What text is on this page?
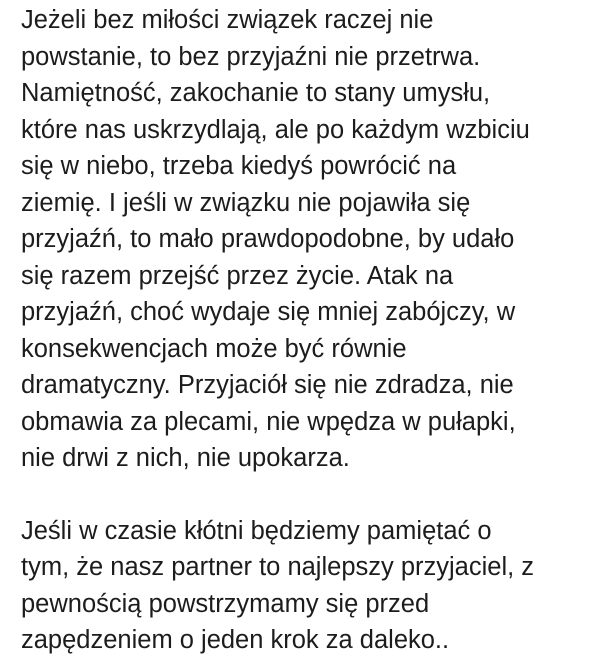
Jeżeli bez miłości związek raczej nie
powstanie, to bez przyjaźni nie przetrwa.
Namiętność, zakochanie to stany umysłu,
które nas uskrzydlają, ale po każdym wzbiciu
się w niebo, trzeba kiedyś powrócić na
ziemię. I jeśli w związku nie pojawiła się
przyjaźń, to mało prawdopodobne, by udało
się razem przejść przez życie. Atak na
przyjaźń, choć wydaje się mniej zabójczy, w
konsekwencjach może być równie
dramatyczny. Przyjaciół się nie zdradza, nie
obmawia za plecami, nie wpędza w pułapki,
nie drwi z nich, nie upokarza.

Jeśli w czasie kłótni będziemy pamiętać o
tym, że nasz partner to najlepszy przyjaciel, z
pewnością powstrzymamy się przed
zapędzeniem o jeden krok za daleko..
